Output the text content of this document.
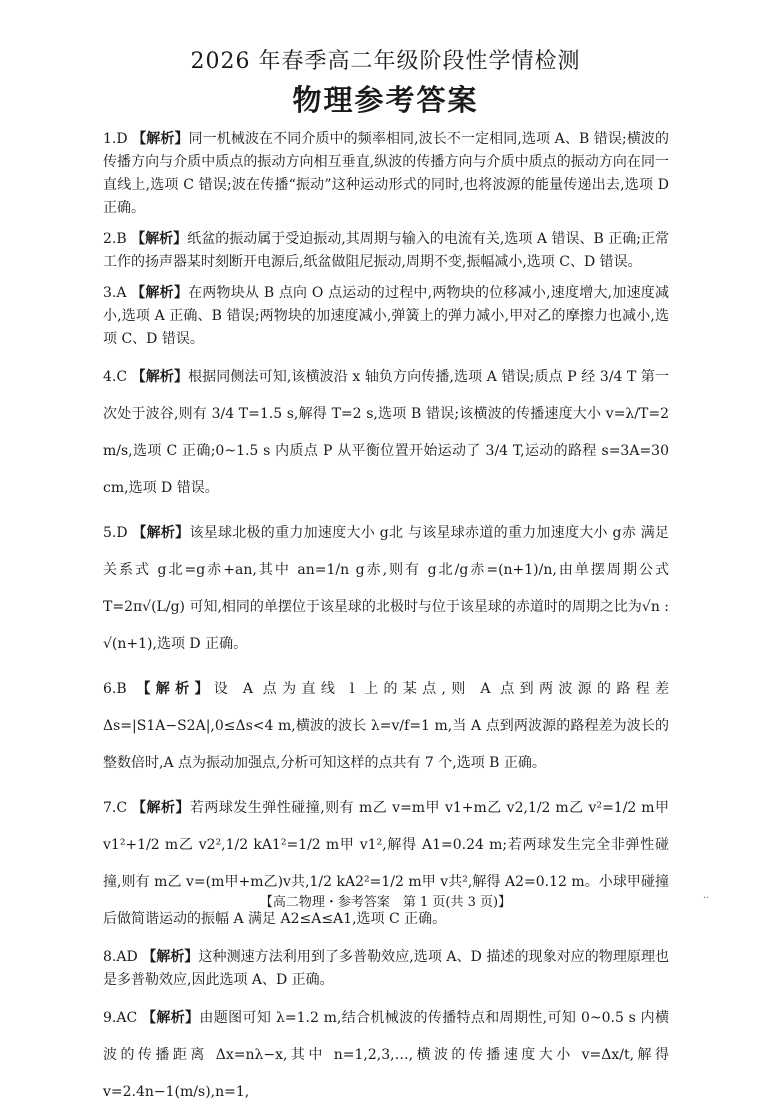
2026 年春季高二年级阶段性学情检测
物理参考答案
1.D 【解析】同一机械波在不同介质中的频率相同,波长不一定相同,选项 A、B 错误;横波的传播方向与介质中质点的振动方向相互垂直,纵波的传播方向与介质中质点的振动方向在同一直线上,选项 C 错误;波在传播“振动”这种运动形式的同时,也将波源的能量传递出去,选项 D 正确。
2.B 【解析】纸盆的振动属于受迫振动,其周期与输入的电流有关,选项 A 错误、B 正确;正常工作的扬声器某时刻断开电源后,纸盆做阻尼振动,周期不变,振幅减小,选项 C、D 错误。
3.A 【解析】在两物块从 B 点向 O 点运动的过程中,两物块的位移减小,速度增大,加速度减小,选项 A 正确、B 错误;两物块的加速度减小,弹簧上的弹力减小,甲对乙的摩擦力也减小,选项 C、D 错误。
4.C 【解析】根据同侧法可知,该横波沿 x 轴负方向传播,选项 A 错误;质点 P 经 3/4 T 第一次处于波谷,则有 3/4 T=1.5 s,解得 T=2 s,选项 B 错误;该横波的传播速度大小 v=λ/T=2 m/s,选项 C 正确;0~1.5 s 内质点 P 从平衡位置开始运动了 3/4 T,运动的路程 s=3A=30 cm,选项 D 错误。
5.D 【解析】该星球北极的重力加速度大小 g北 与该星球赤道的重力加速度大小 g赤 满足关系式 g北=g赤+an,其中 an=1/n g赤,则有 g北/g赤=(n+1)/n,由单摆周期公式 T=2π√(L/g) 可知,相同的单摆位于该星球的北极时与位于该星球的赤道时的周期之比为√n : √(n+1),选项 D 正确。
6.B 【解析】设 A 点为直线 l 上的某点,则 A 点到两波源的路程差 Δs=|S1A−S2A|,0≤Δs<4 m,横波的波长 λ=v/f=1 m,当 A 点到两波源的路程差为波长的整数倍时,A 点为振动加强点,分析可知这样的点共有 7 个,选项 B 正确。
7.C 【解析】若两球发生弹性碰撞,则有 m乙 v=m甲 v1+m乙 v2,1/2 m乙 v²=1/2 m甲 v1²+1/2 m乙 v2²,1/2 kA1²=1/2 m甲 v1²,解得 A1=0.24 m;若两球发生完全非弹性碰撞,则有 m乙 v=(m甲+m乙)v共,1/2 kA2²=1/2 m甲 v共²,解得 A2=0.12 m。小球甲碰撞后做简谐运动的振幅 A 满足 A2≤A≤A1,选项 C 正确。
8.AD 【解析】这种测速方法利用到了多普勒效应,选项 A、D 描述的现象对应的物理原理也是多普勒效应,因此选项 A、D 正确。
9.AC 【解析】由题图可知 λ=1.2 m,结合机械波的传播特点和周期性,可知 0~0.5 s 内横波的传播距离 Δx=nλ−x,其中 n=1,2,3,…,横波的传播速度大小 v=Δx/t,解得 v=2.4n−1(m/s),n=1,
【高二物理・参考答案　第 1 页(共 3 页)】	··
